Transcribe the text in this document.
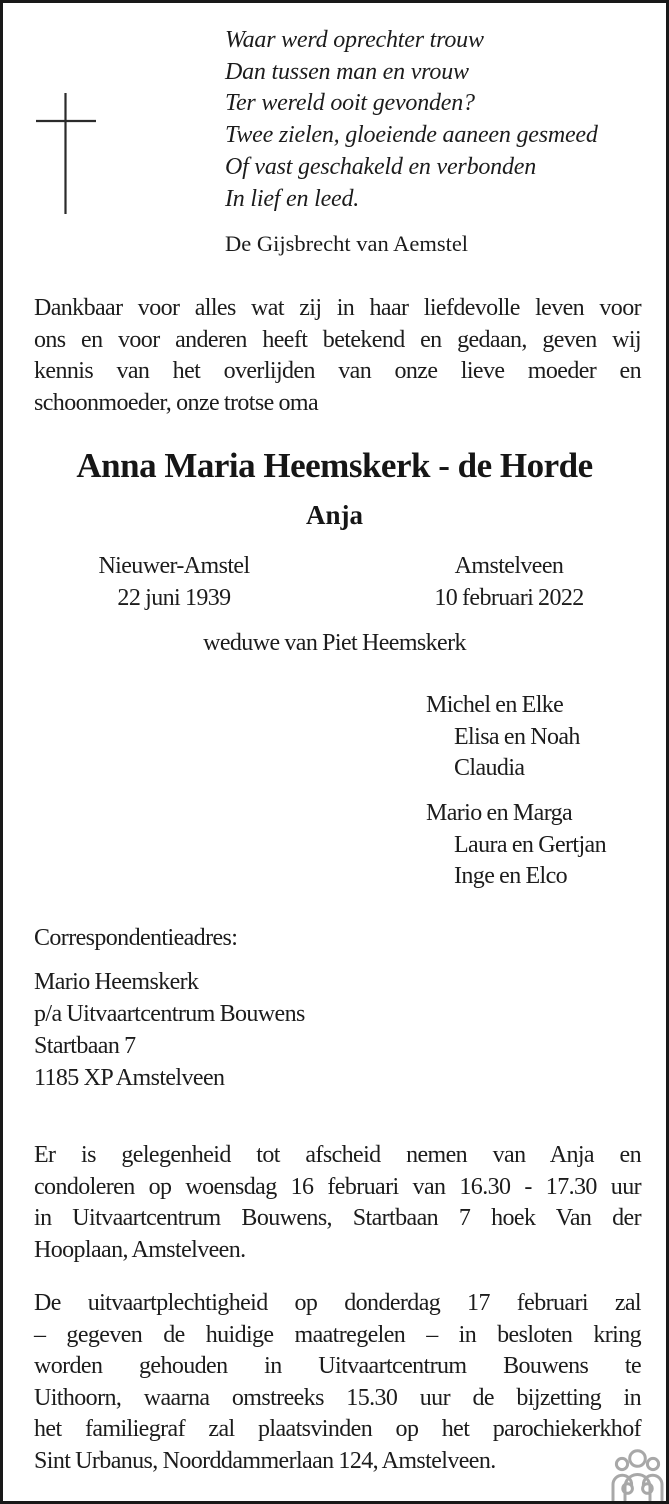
Waar werd oprechter trouw
Dan tussen man en vrouw
Ter wereld ooit gevonden?
Twee zielen, gloeiende aaneen gesmeed
Of vast geschakeld en verbonden
In lief en leed.
De Gijsbrecht van Aemstel
Dankbaar voor alles wat zij in haar liefdevolle leven voor
ons en voor anderen heeft betekend en gedaan, geven wij
kennis van het overlijden van onze lieve moeder en
schoonmoeder, onze trotse oma
Anna Maria Heemskerk - de Horde
Anja
Nieuwer-Amstel
22 juni 1939
Amstelveen
10 februari 2022
weduwe van Piet Heemskerk
Michel en Elke
Elisa en Noah
Claudia
Mario en Marga
Laura en Gertjan
Inge en Elco
Correspondentieadres:
Mario Heemskerk
p/a Uitvaartcentrum Bouwens
Startbaan 7
1185 XP Amstelveen
Er is gelegenheid tot afscheid nemen van Anja en
condoleren op woensdag 16 februari van 16.30 - 17.30 uur
in Uitvaartcentrum Bouwens, Startbaan 7 hoek Van der
Hooplaan, Amstelveen.
De uitvaartplechtigheid op donderdag 17 februari zal
– gegeven de huidige maatregelen – in besloten kring
worden gehouden in Uitvaartcentrum Bouwens te
Uithoorn, waarna omstreeks 15.30 uur de bijzetting in
het familiegraf zal plaatsvinden op het parochiekerkhof
Sint Urbanus, Noorddammerlaan 124, Amstelveen.
